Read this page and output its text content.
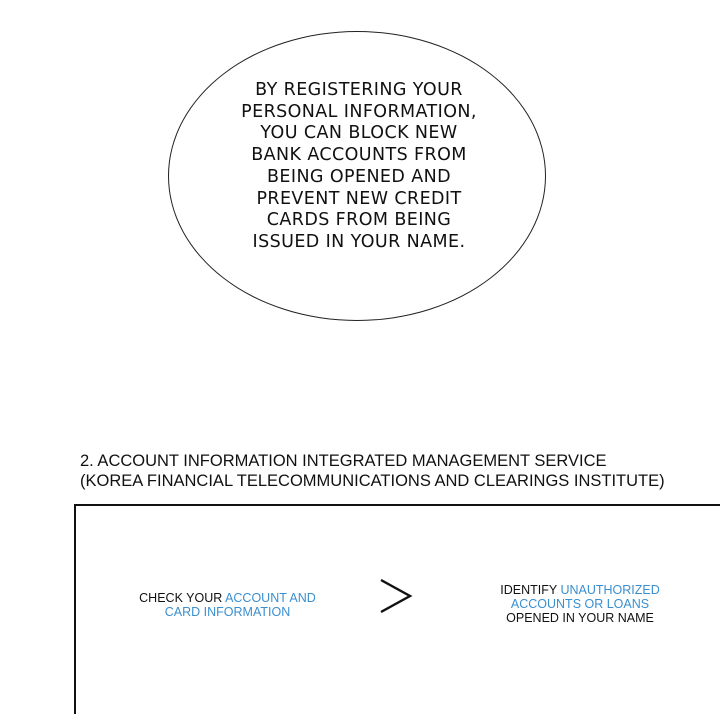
BY REGISTERING YOUR
PERSONAL INFORMATION,
YOU CAN BLOCK NEW
BANK ACCOUNTS FROM
BEING OPENED AND
PREVENT NEW CREDIT
CARDS FROM BEING
ISSUED IN YOUR NAME.
2. ACCOUNT INFORMATION INTEGRATED MANAGEMENT SERVICE
(KOREA FINANCIAL TELECOMMUNICATIONS AND CLEARINGS INSTITUTE)
CHECK YOUR ACCOUNT AND
CARD INFORMATION
IDENTIFY UNAUTHORIZED
ACCOUNTS OR LOANS
OPENED IN YOUR NAME
